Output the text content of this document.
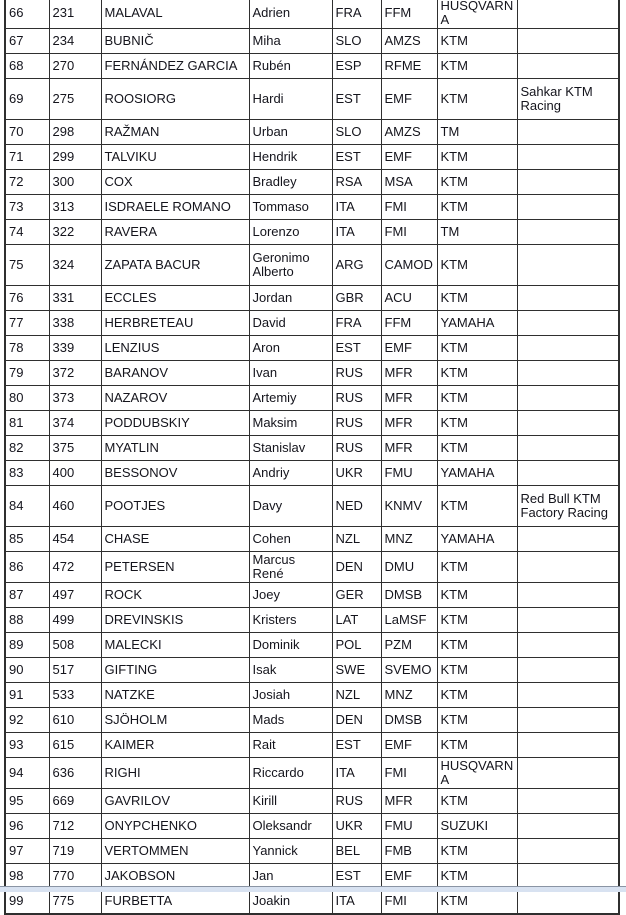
66	231	MALAVAL	Adrien	FRA	FFM	HUSQVARNA	
67	234	BUBNIČ	Miha	SLO	AMZS	KTM	
68	270	FERNÁNDEZ GARCIA	Rubén	ESP	RFME	KTM	
69	275	ROOSIORG	Hardi	EST	EMF	KTM	Sahkar KTM Racing
70	298	RAŽMAN	Urban	SLO	AMZS	TM	
71	299	TALVIKU	Hendrik	EST	EMF	KTM	
72	300	COX	Bradley	RSA	MSA	KTM	
73	313	ISDRAELE ROMANO	Tommaso	ITA	FMI	KTM	
74	322	RAVERA	Lorenzo	ITA	FMI	TM	
75	324	ZAPATA BACUR	Geronimo Alberto	ARG	CAMOD	KTM	
76	331	ECCLES	Jordan	GBR	ACU	KTM	
77	338	HERBRETEAU	David	FRA	FFM	YAMAHA	
78	339	LENZIUS	Aron	EST	EMF	KTM	
79	372	BARANOV	Ivan	RUS	MFR	KTM	
80	373	NAZAROV	Artemiy	RUS	MFR	KTM	
81	374	PODDUBSKIY	Maksim	RUS	MFR	KTM	
82	375	MYATLIN	Stanislav	RUS	MFR	KTM	
83	400	BESSONOV	Andriy	UKR	FMU	YAMAHA	
84	460	POOTJES	Davy	NED	KNMV	KTM	Red Bull KTM Factory Racing
85	454	CHASE	Cohen	NZL	MNZ	YAMAHA	
86	472	PETERSEN	Marcus René	DEN	DMU	KTM	
87	497	ROCK	Joey	GER	DMSB	KTM	
88	499	DREVINSKIS	Kristers	LAT	LaMSF	KTM	
89	508	MALECKI	Dominik	POL	PZM	KTM	
90	517	GIFTING	Isak	SWE	SVEMO	KTM	
91	533	NATZKE	Josiah	NZL	MNZ	KTM	
92	610	SJÖHOLM	Mads	DEN	DMSB	KTM	
93	615	KAIMER	Rait	EST	EMF	KTM	
94	636	RIGHI	Riccardo	ITA	FMI	HUSQVARNA	
95	669	GAVRILOV	Kirill	RUS	MFR	KTM	
96	712	ONYPCHENKO	Oleksandr	UKR	FMU	SUZUKI	
97	719	VERTOMMEN	Yannick	BEL	FMB	KTM	
98	770	JAKOBSON	Jan	EST	EMF	KTM	
99	775	FURBETTA	Joakin	ITA	FMI	KTM	
